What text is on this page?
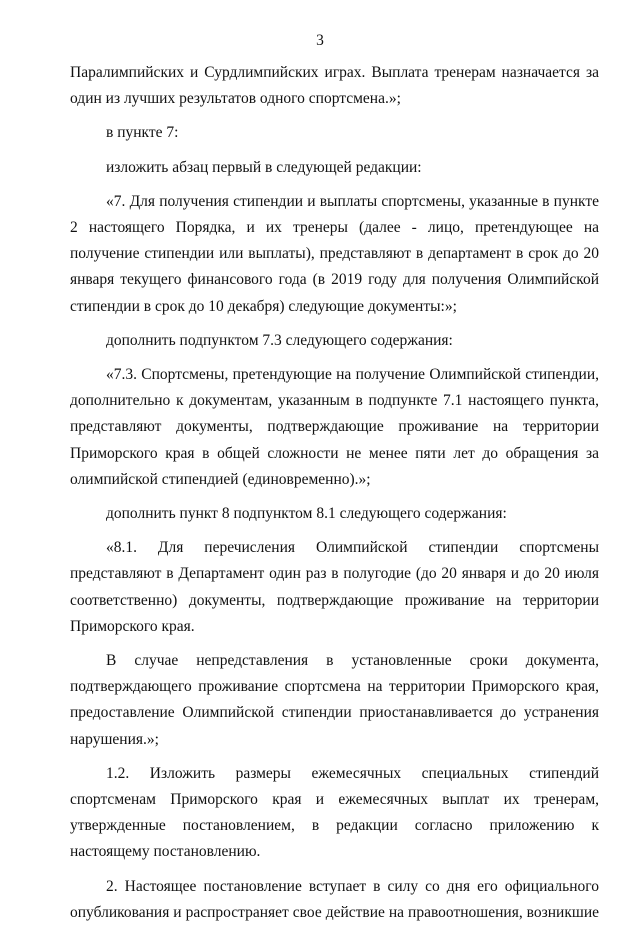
3

Паралимпийских и Сурдлимпийских играх. Выплата тренерам назначается за один из лучших результатов одного спортсмена.»;

в пункте 7:

изложить абзац первый в следующей редакции:

«7. Для получения стипендии и выплаты спортсмены, указанные в пункте 2 настоящего Порядка, и их тренеры (далее - лицо, претендующее на получение стипендии или выплаты), представляют в департамент в срок до 20 января текущего финансового года (в 2019 году для получения Олимпийской стипендии в срок до 10 декабря) следующие документы:»;

дополнить подпунктом 7.3 следующего содержания:

«7.3. Спортсмены, претендующие на получение Олимпийской стипендии, дополнительно к документам, указанным в подпункте 7.1 настоящего пункта, представляют документы, подтверждающие проживание на территории Приморского края в общей сложности не менее пяти лет до обращения за олимпийской стипендией (единовременно).»;

дополнить пункт 8 подпунктом 8.1 следующего содержания:

«8.1. Для перечисления Олимпийской стипендии спортсмены представляют в Департамент один раз в полугодие (до 20 января и до 20 июля соответственно) документы, подтверждающие проживание на территории Приморского края.

В случае непредставления в установленные сроки документа, подтверждающего проживание спортсмена на территории Приморского края, предоставление Олимпийской стипендии приостанавливается до устранения нарушения.»;

1.2. Изложить размеры ежемесячных специальных стипендий спортсменам Приморского края и ежемесячных выплат их тренерам, утвержденные постановлением, в редакции согласно приложению к настоящему постановлению.

2. Настоящее постановление вступает в силу со дня его официального опубликования и распространяет свое действие на правоотношения, возникшие
